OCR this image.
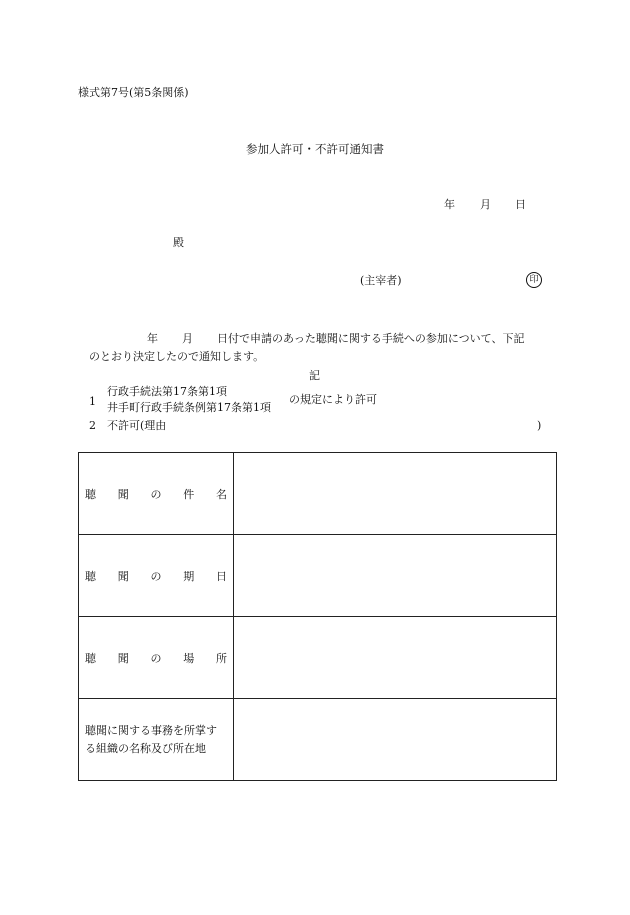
様式第7号(第5条関係)
参加人許可・不許可通知書
年 月 日
殿
(主宰者)	印
年 月 日付で申請のあった聴聞に関する手続への参加について、下記
のとおり決定したので通知します。
記
1
行政手続法第17条第1項
井手町行政手続条例第17条第1項
の規定により許可
2 不許可(理由	)
聴 聞 の 件 名	

聴 聞 の 期 日	

聴 聞 の 場 所	

聴聞に関する事務を所掌する組織の名称及び所在地	
